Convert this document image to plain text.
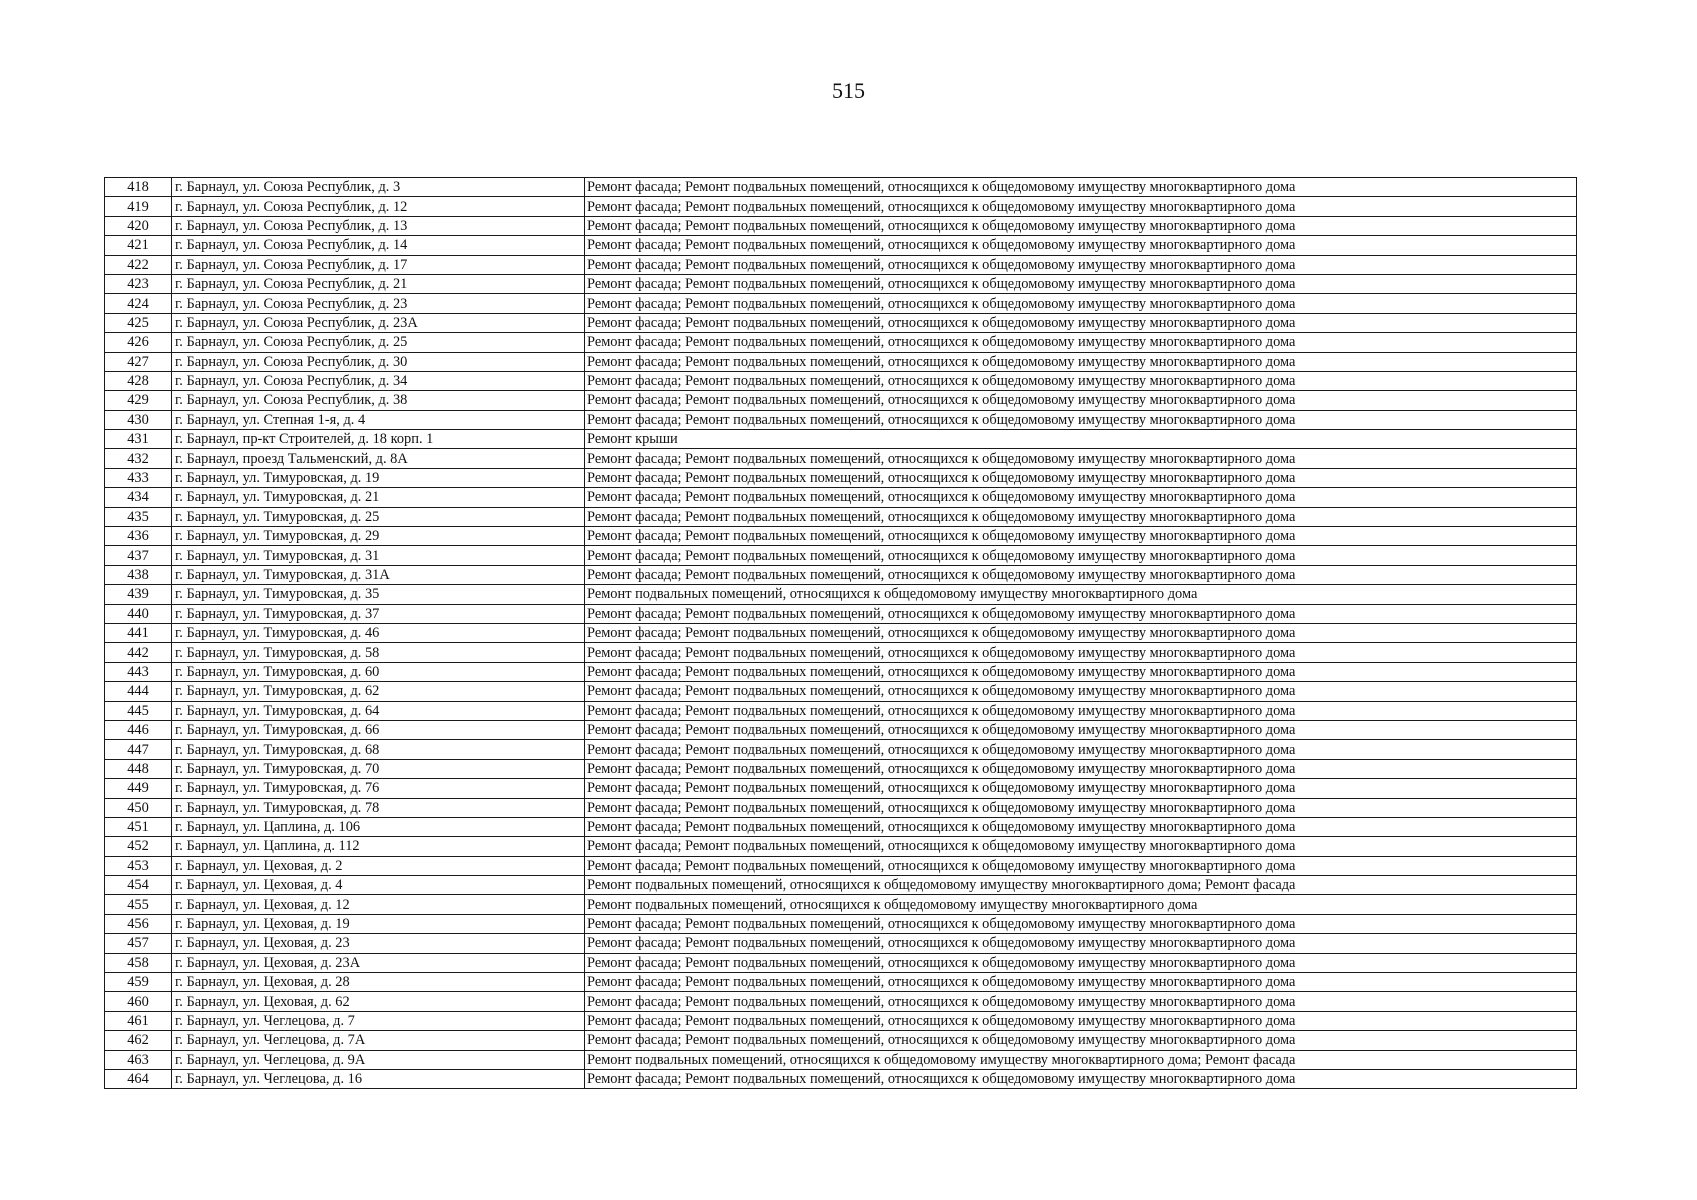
515
418	г. Барнаул, ул. Союза Республик, д. 3	Ремонт фасада; Ремонт подвальных помещений, относящихся к общедомовому имуществу многоквартирного дома
419	г. Барнаул, ул. Союза Республик, д. 12	Ремонт фасада; Ремонт подвальных помещений, относящихся к общедомовому имуществу многоквартирного дома
420	г. Барнаул, ул. Союза Республик, д. 13	Ремонт фасада; Ремонт подвальных помещений, относящихся к общедомовому имуществу многоквартирного дома
421	г. Барнаул, ул. Союза Республик, д. 14	Ремонт фасада; Ремонт подвальных помещений, относящихся к общедомовому имуществу многоквартирного дома
422	г. Барнаул, ул. Союза Республик, д. 17	Ремонт фасада; Ремонт подвальных помещений, относящихся к общедомовому имуществу многоквартирного дома
423	г. Барнаул, ул. Союза Республик, д. 21	Ремонт фасада; Ремонт подвальных помещений, относящихся к общедомовому имуществу многоквартирного дома
424	г. Барнаул, ул. Союза Республик, д. 23	Ремонт фасада; Ремонт подвальных помещений, относящихся к общедомовому имуществу многоквартирного дома
425	г. Барнаул, ул. Союза Республик, д. 23А	Ремонт фасада; Ремонт подвальных помещений, относящихся к общедомовому имуществу многоквартирного дома
426	г. Барнаул, ул. Союза Республик, д. 25	Ремонт фасада; Ремонт подвальных помещений, относящихся к общедомовому имуществу многоквартирного дома
427	г. Барнаул, ул. Союза Республик, д. 30	Ремонт фасада; Ремонт подвальных помещений, относящихся к общедомовому имуществу многоквартирного дома
428	г. Барнаул, ул. Союза Республик, д. 34	Ремонт фасада; Ремонт подвальных помещений, относящихся к общедомовому имуществу многоквартирного дома
429	г. Барнаул, ул. Союза Республик, д. 38	Ремонт фасада; Ремонт подвальных помещений, относящихся к общедомовому имуществу многоквартирного дома
430	г. Барнаул, ул. Степная 1-я, д. 4	Ремонт фасада; Ремонт подвальных помещений, относящихся к общедомовому имуществу многоквартирного дома
431	г. Барнаул, пр-кт Строителей, д. 18 корп. 1	Ремонт крыши
432	г. Барнаул, проезд Тальменский, д. 8А	Ремонт фасада; Ремонт подвальных помещений, относящихся к общедомовому имуществу многоквартирного дома
433	г. Барнаул, ул. Тимуровская, д. 19	Ремонт фасада; Ремонт подвальных помещений, относящихся к общедомовому имуществу многоквартирного дома
434	г. Барнаул, ул. Тимуровская, д. 21	Ремонт фасада; Ремонт подвальных помещений, относящихся к общедомовому имуществу многоквартирного дома
435	г. Барнаул, ул. Тимуровская, д. 25	Ремонт фасада; Ремонт подвальных помещений, относящихся к общедомовому имуществу многоквартирного дома
436	г. Барнаул, ул. Тимуровская, д. 29	Ремонт фасада; Ремонт подвальных помещений, относящихся к общедомовому имуществу многоквартирного дома
437	г. Барнаул, ул. Тимуровская, д. 31	Ремонт фасада; Ремонт подвальных помещений, относящихся к общедомовому имуществу многоквартирного дома
438	г. Барнаул, ул. Тимуровская, д. 31А	Ремонт фасада; Ремонт подвальных помещений, относящихся к общедомовому имуществу многоквартирного дома
439	г. Барнаул, ул. Тимуровская, д. 35	Ремонт подвальных помещений, относящихся к общедомовому имуществу многоквартирного дома
440	г. Барнаул, ул. Тимуровская, д. 37	Ремонт фасада; Ремонт подвальных помещений, относящихся к общедомовому имуществу многоквартирного дома
441	г. Барнаул, ул. Тимуровская, д. 46	Ремонт фасада; Ремонт подвальных помещений, относящихся к общедомовому имуществу многоквартирного дома
442	г. Барнаул, ул. Тимуровская, д. 58	Ремонт фасада; Ремонт подвальных помещений, относящихся к общедомовому имуществу многоквартирного дома
443	г. Барнаул, ул. Тимуровская, д. 60	Ремонт фасада; Ремонт подвальных помещений, относящихся к общедомовому имуществу многоквартирного дома
444	г. Барнаул, ул. Тимуровская, д. 62	Ремонт фасада; Ремонт подвальных помещений, относящихся к общедомовому имуществу многоквартирного дома
445	г. Барнаул, ул. Тимуровская, д. 64	Ремонт фасада; Ремонт подвальных помещений, относящихся к общедомовому имуществу многоквартирного дома
446	г. Барнаул, ул. Тимуровская, д. 66	Ремонт фасада; Ремонт подвальных помещений, относящихся к общедомовому имуществу многоквартирного дома
447	г. Барнаул, ул. Тимуровская, д. 68	Ремонт фасада; Ремонт подвальных помещений, относящихся к общедомовому имуществу многоквартирного дома
448	г. Барнаул, ул. Тимуровская, д. 70	Ремонт фасада; Ремонт подвальных помещений, относящихся к общедомовому имуществу многоквартирного дома
449	г. Барнаул, ул. Тимуровская, д. 76	Ремонт фасада; Ремонт подвальных помещений, относящихся к общедомовому имуществу многоквартирного дома
450	г. Барнаул, ул. Тимуровская, д. 78	Ремонт фасада; Ремонт подвальных помещений, относящихся к общедомовому имуществу многоквартирного дома
451	г. Барнаул, ул. Цаплина, д. 106	Ремонт фасада; Ремонт подвальных помещений, относящихся к общедомовому имуществу многоквартирного дома
452	г. Барнаул, ул. Цаплина, д. 112	Ремонт фасада; Ремонт подвальных помещений, относящихся к общедомовому имуществу многоквартирного дома
453	г. Барнаул, ул. Цеховая, д. 2	Ремонт фасада; Ремонт подвальных помещений, относящихся к общедомовому имуществу многоквартирного дома
454	г. Барнаул, ул. Цеховая, д. 4	Ремонт подвальных помещений, относящихся к общедомовому имуществу многоквартирного дома; Ремонт фасада
455	г. Барнаул, ул. Цеховая, д. 12	Ремонт подвальных помещений, относящихся к общедомовому имуществу многоквартирного дома
456	г. Барнаул, ул. Цеховая, д. 19	Ремонт фасада; Ремонт подвальных помещений, относящихся к общедомовому имуществу многоквартирного дома
457	г. Барнаул, ул. Цеховая, д. 23	Ремонт фасада; Ремонт подвальных помещений, относящихся к общедомовому имуществу многоквартирного дома
458	г. Барнаул, ул. Цеховая, д. 23А	Ремонт фасада; Ремонт подвальных помещений, относящихся к общедомовому имуществу многоквартирного дома
459	г. Барнаул, ул. Цеховая, д. 28	Ремонт фасада; Ремонт подвальных помещений, относящихся к общедомовому имуществу многоквартирного дома
460	г. Барнаул, ул. Цеховая, д. 62	Ремонт фасада; Ремонт подвальных помещений, относящихся к общедомовому имуществу многоквартирного дома
461	г. Барнаул, ул. Чеглецова, д. 7	Ремонт фасада; Ремонт подвальных помещений, относящихся к общедомовому имуществу многоквартирного дома
462	г. Барнаул, ул. Чеглецова, д. 7А	Ремонт фасада; Ремонт подвальных помещений, относящихся к общедомовому имуществу многоквартирного дома
463	г. Барнаул, ул. Чеглецова, д. 9А	Ремонт подвальных помещений, относящихся к общедомовому имуществу многоквартирного дома; Ремонт фасада
464	г. Барнаул, ул. Чеглецова, д. 16	Ремонт фасада; Ремонт подвальных помещений, относящихся к общедомовому имуществу многоквартирного дома
